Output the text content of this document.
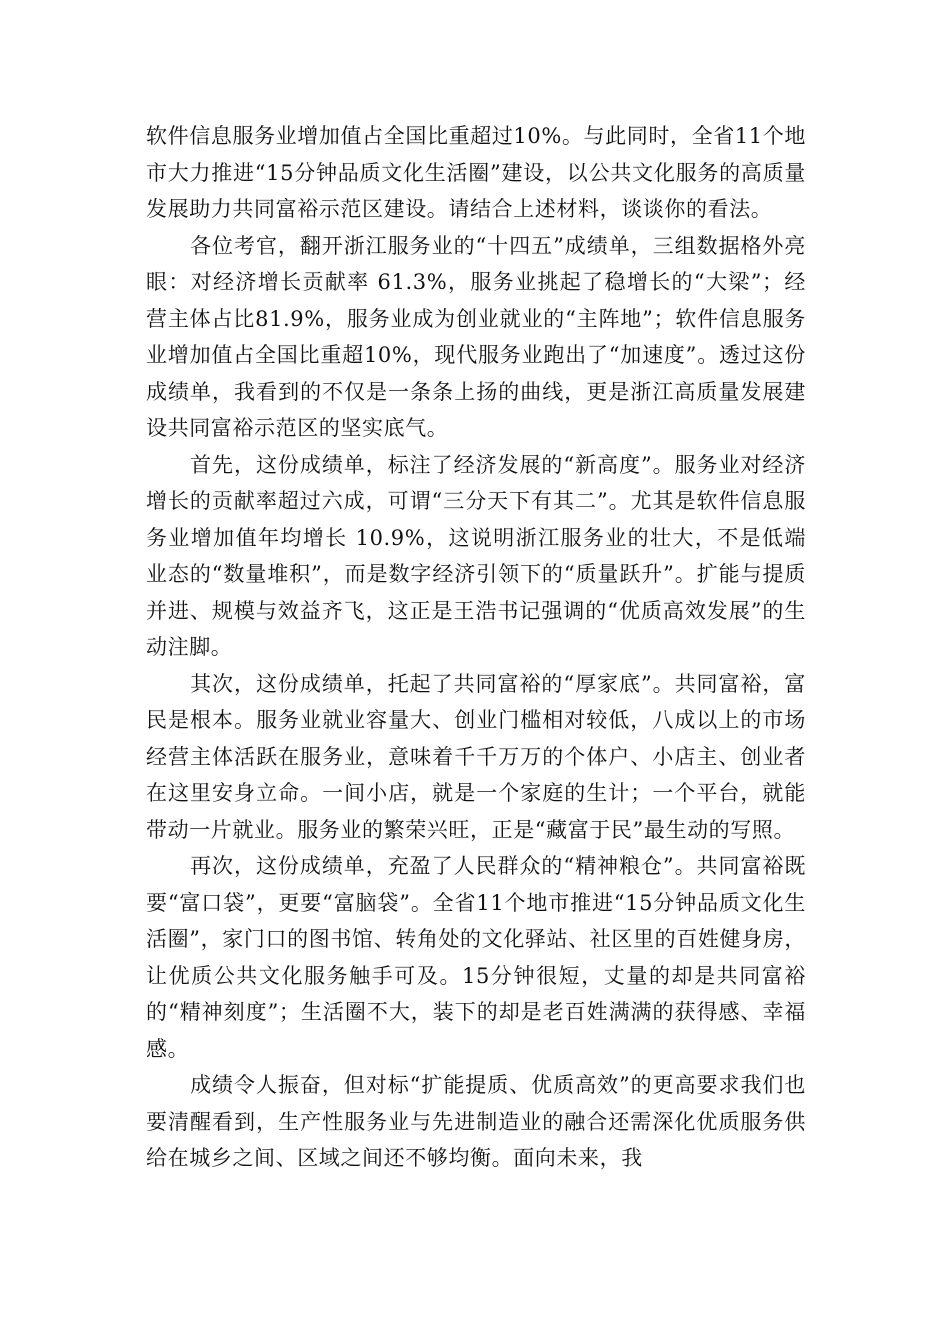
软件信息服务业增加值占全国比重超过10%。与此同时，全省11个地市大力推进“15分钟品质文化生活圈”建设，以公共文化服务的高质量发展助力共同富裕示范区建设。请结合上述材料，谈谈你的看法。

各位考官，翻开浙江服务业的“十四五”成绩单，三组数据格外亮眼：对经济增长贡献率 61.3%，服务业挑起了稳增长的“大梁”；经营主体占比81.9%，服务业成为创业就业的“主阵地”；软件信息服务业增加值占全国比重超10%，现代服务业跑出了“加速度”。透过这份成绩单，我看到的不仅是一条条上扬的曲线，更是浙江高质量发展建设共同富裕示范区的坚实底气。

首先，这份成绩单，标注了经济发展的“新高度”。服务业对经济增长的贡献率超过六成，可谓“三分天下有其二”。尤其是软件信息服务业增加值年均增长 10.9%，这说明浙江服务业的壮大，不是低端业态的“数量堆积”，而是数字经济引领下的“质量跃升”。扩能与提质并进、规模与效益齐飞，这正是王浩书记强调的“优质高效发展”的生动注脚。

其次，这份成绩单，托起了共同富裕的“厚家底”。共同富裕，富民是根本。服务业就业容量大、创业门槛相对较低，八成以上的市场经营主体活跃在服务业，意味着千千万万的个体户、小店主、创业者在这里安身立命。一间小店，就是一个家庭的生计；一个平台，就能带动一片就业。服务业的繁荣兴旺，正是“藏富于民”最生动的写照。

再次，这份成绩单，充盈了人民群众的“精神粮仓”。共同富裕既要“富口袋”，更要“富脑袋”。全省11个地市推进“15分钟品质文化生活圈”，家门口的图书馆、转角处的文化驿站、社区里的百姓健身房，让优质公共文化服务触手可及。15分钟很短，丈量的却是共同富裕的“精神刻度”；生活圈不大，装下的却是老百姓满满的获得感、幸福感。

成绩令人振奋，但对标“扩能提质、优质高效”的更高要求我们也要清醒看到，生产性服务业与先进制造业的融合还需深化优质服务供给在城乡之间、区域之间还不够均衡。面向未来，我
